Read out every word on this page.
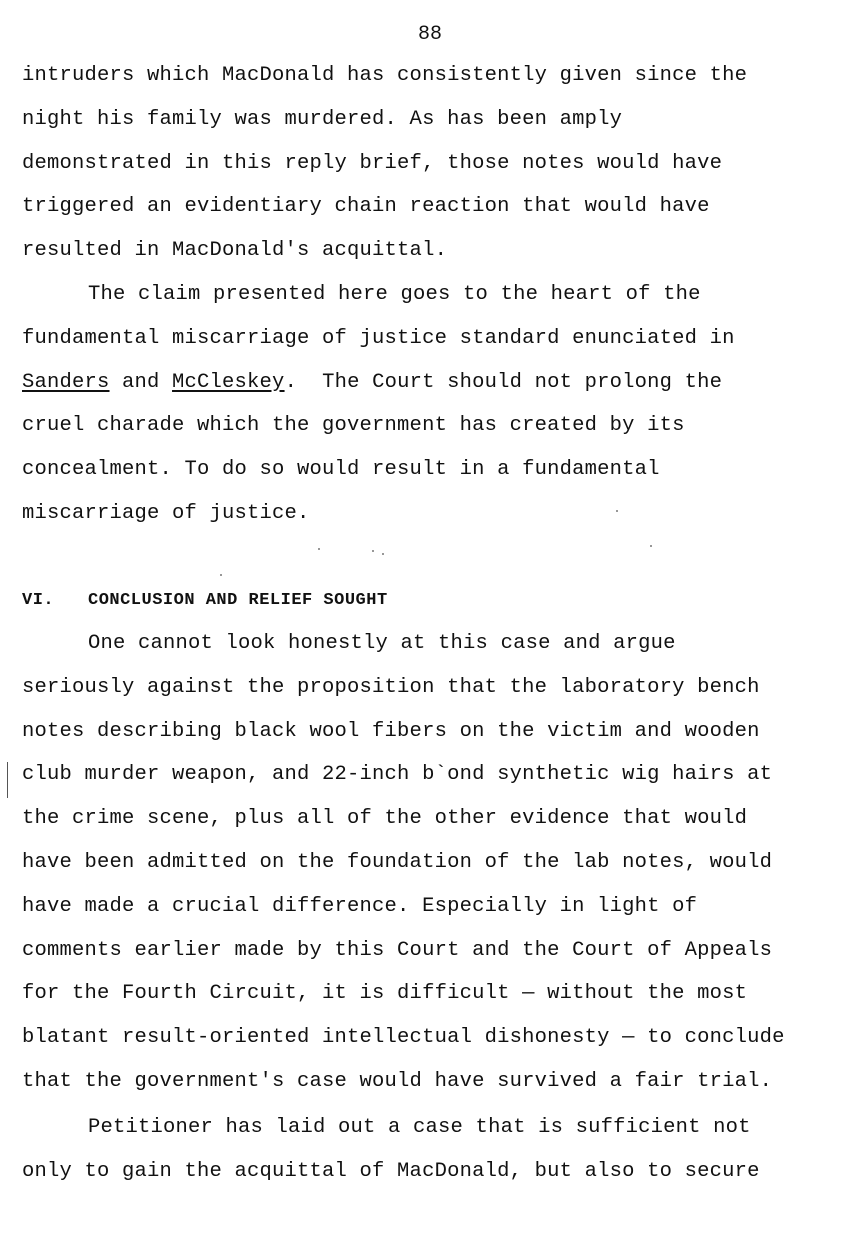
88
intruders which MacDonald has consistently given since the
night his family was murdered. As has been amply
demonstrated in this reply brief, those notes would have
triggered an evidentiary chain reaction that would have
resulted in MacDonald's acquittal.
The claim presented here goes to the heart of the
fundamental miscarriage of justice standard enunciated in
Sanders and McCleskey.  The Court should not prolong the
cruel charade which the government has created by its
concealment. To do so would result in a fundamental
miscarriage of justice.
VI. CONCLUSION AND RELIEF SOUGHT
One cannot look honestly at this case and argue
seriously against the proposition that the laboratory bench
notes describing black wool fibers on the victim and wooden
club murder weapon, and 22-inch b`ond synthetic wig hairs at
the crime scene, plus all of the other evidence that would
have been admitted on the foundation of the lab notes, would
have made a crucial difference. Especially in light of
comments earlier made by this Court and the Court of Appeals
for the Fourth Circuit, it is difficult — without the most
blatant result-oriented intellectual dishonesty — to conclude
that the government's case would have survived a fair trial.
Petitioner has laid out a case that is sufficient not
only to gain the acquittal of MacDonald, but also to secure
